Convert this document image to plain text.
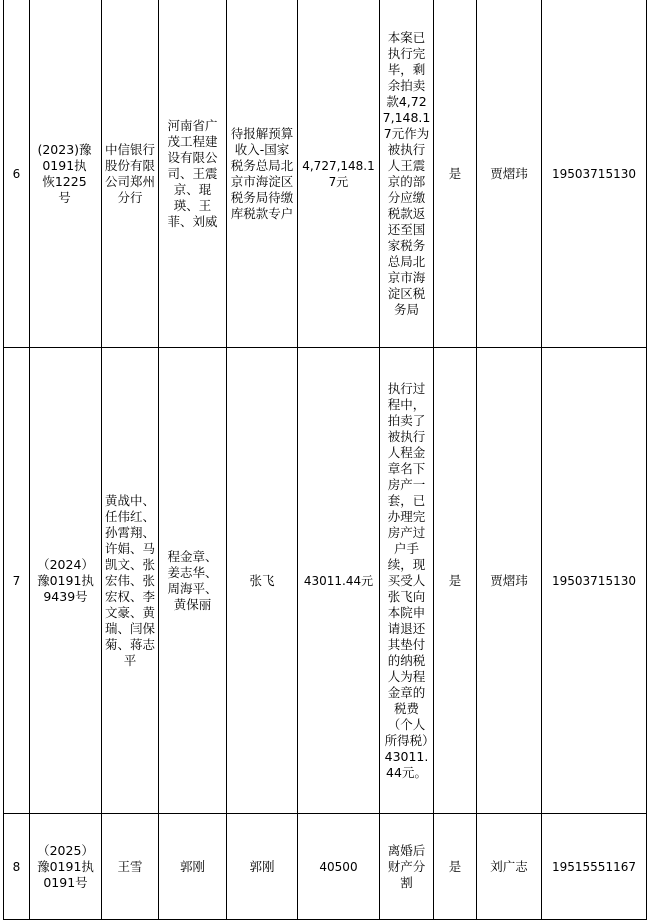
6	(2023)豫0191执恢1225号	中信银行股份有限公司郑州分行	河南省广茂工程建设有限公司、王震京、琨瑛、王菲、刘威	待报解预算收入-国家税务总局北京市海淀区税务局待缴库税款专户	4,727,148.17元	本案已执行完毕，剩余拍卖款4,727,148.17元作为被执行人王震京的部分应缴税款返还至国家税务总局北京市海淀区税务局	是	贾熠玮	19503715130
7	（2024）豫0191执9439号	黄战中、任伟红、孙霄翔、许娟、马凯文、张宏伟、张宏权、李文豪、黄瑞、闫保菊、蒋志平	程金章、姜志华、周海平、黄保丽	张飞	43011.44元	执行过程中，拍卖了被执行人程金章名下房产一套，已办理完房产过户手续，现买受人张飞向本院申请退还其垫付的纳税人为程金章的税费（个人所得税）43011.44元。	是	贾熠玮	19503715130
8	（2025）豫0191执0191号	王雪	郭刚	郭刚	40500	离婚后财产分割	是	刘广志	19515551167
